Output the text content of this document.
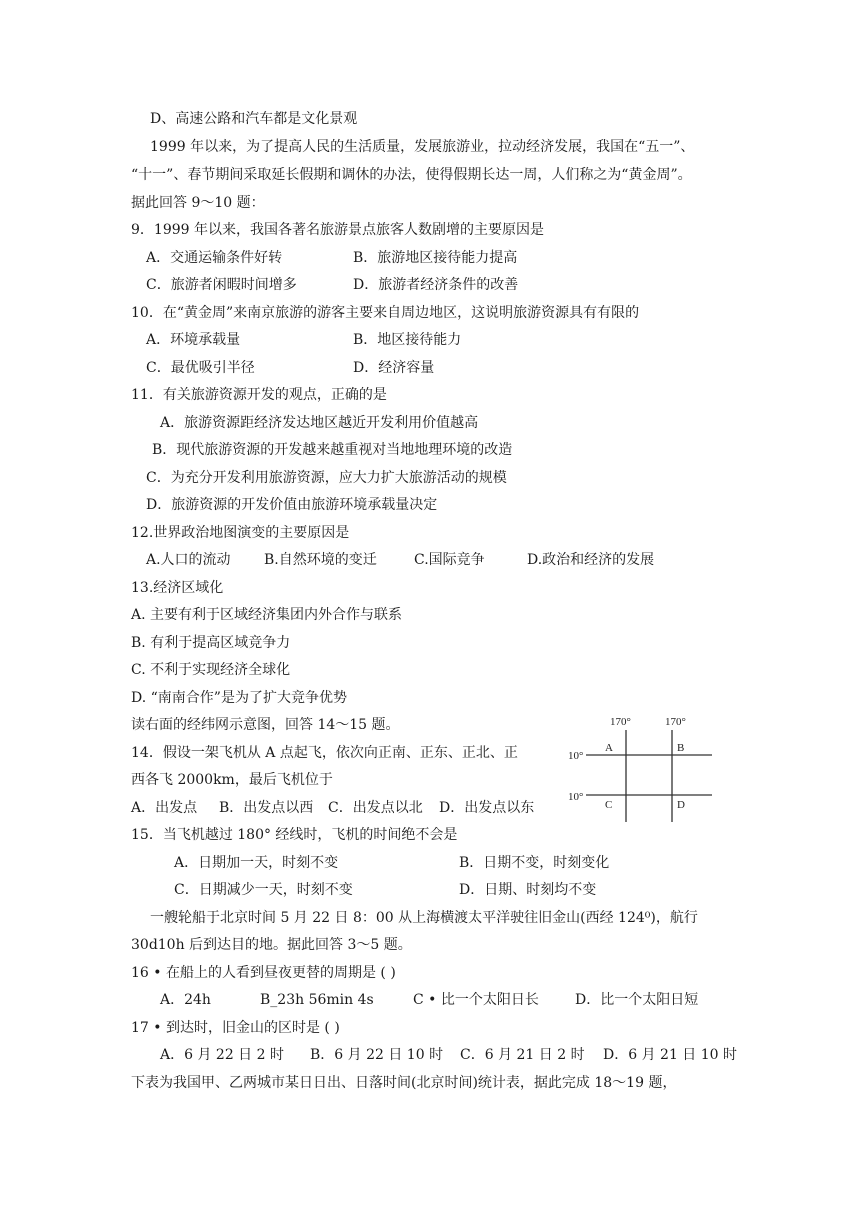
D、高速公路和汽车都是文化景观
1999 年以来，为了提高人民的生活质量，发展旅游业，拉动经济发展，我国在“五一”、
“十一”、春节期间采取延长假期和调休的办法，使得假期长达一周，人们称之为“黄金周”。
据此回答 9～10 题：
9．1999 年以来，我国各著名旅游景点旅客人数剧增的主要原因是
A．交通运输条件好转	B．旅游地区接待能力提高
C．旅游者闲暇时间增多	D．旅游者经济条件的改善
10．在“黄金周”来南京旅游的游客主要来自周边地区，这说明旅游资源具有有限的
A．环境承载量	B．地区接待能力
C．最优吸引半径	D．经济容量
11．有关旅游资源开发的观点，正确的是
A．旅游资源距经济发达地区越近开发利用价值越高
B．现代旅游资源的开发越来越重视对当地地理环境的改造
C．为充分开发利用旅游资源，应大力扩大旅游活动的规模
D．旅游资源的开发价值由旅游环境承载量决定
12.世界政治地图演变的主要原因是
A.人口的流动 B.自然环境的变迁	C.国际竞争	D.政治和经济的发展
13.经济区域化
A. 主要有利于区域经济集团内外合作与联系
B. 有利于提高区域竞争力
C. 不利于实现经济全球化
D. “南南合作”是为了扩大竞争优势
读右面的经纬网示意图，回答 14～15 题。
14．假设一架飞机从 A 点起飞，依次向正南、正东、正北、正
西各飞 2000km，最后飞机位于
A．出发点 B．出发点以西 C．出发点以北 D．出发点以东
170°	170°
10°
10°
A	B
C	D
15．当飞机越过 180° 经线时，飞机的时间绝不会是
A．日期加一天，时刻不变	B．日期不变，时刻变化
C．日期减少一天，时刻不变	D．日期、时刻均不变
一艘轮船于北京时间 5 月 22 日 8：00 从上海横渡太平洋驶往旧金山(西经 124⁰)，航行
30d10h 后到达目的地。据此回答 3～5 题。
16 • 在船上的人看到昼夜更替的周期是 ( )
A．24h	B_23h 56min 4s	C • 比一个太阳日长	D．比一个太阳日短
17 • 到达时，旧金山的区时是 ( )
A．6 月 22 日 2 时 B．6 月 22 日 10 时 C．6 月 21 日 2 时 D．6 月 21 日 10 时
下表为我国甲、乙两城市某日日出、日落时间(北京时间)统计表，据此完成 18～19 题，
